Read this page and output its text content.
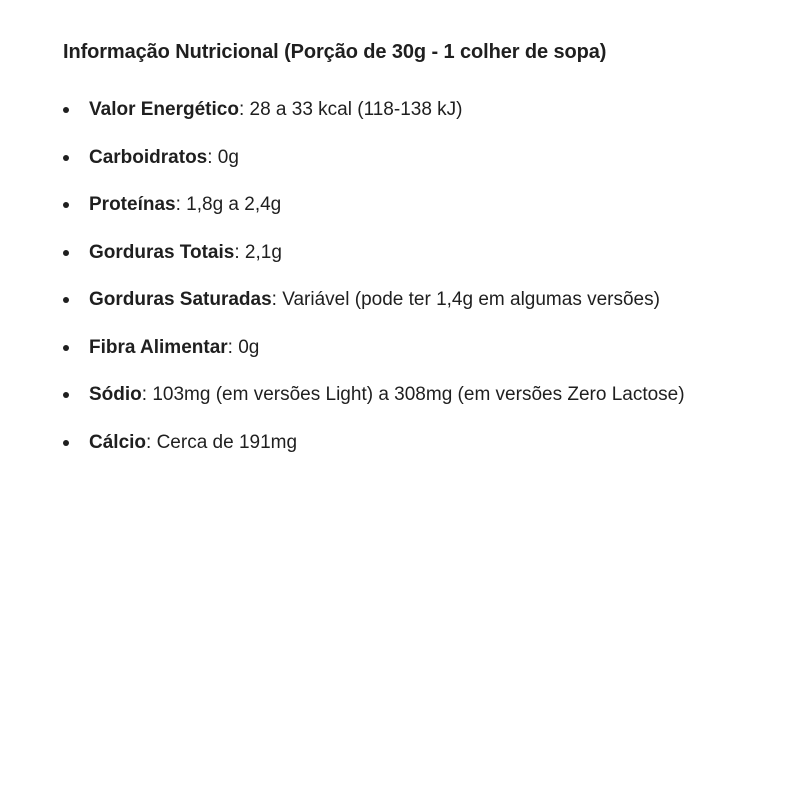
Informação Nutricional (Porção de 30g - 1 colher de sopa)
Valor Energético: 28 a 33 kcal (118-138 kJ)
Carboidratos: 0g
Proteínas: 1,8g a 2,4g
Gorduras Totais: 2,1g
Gorduras Saturadas: Variável (pode ter 1,4g em algumas versões)
Fibra Alimentar: 0g
Sódio: 103mg (em versões Light) a 308mg (em versões Zero Lactose)
Cálcio: Cerca de 191mg
